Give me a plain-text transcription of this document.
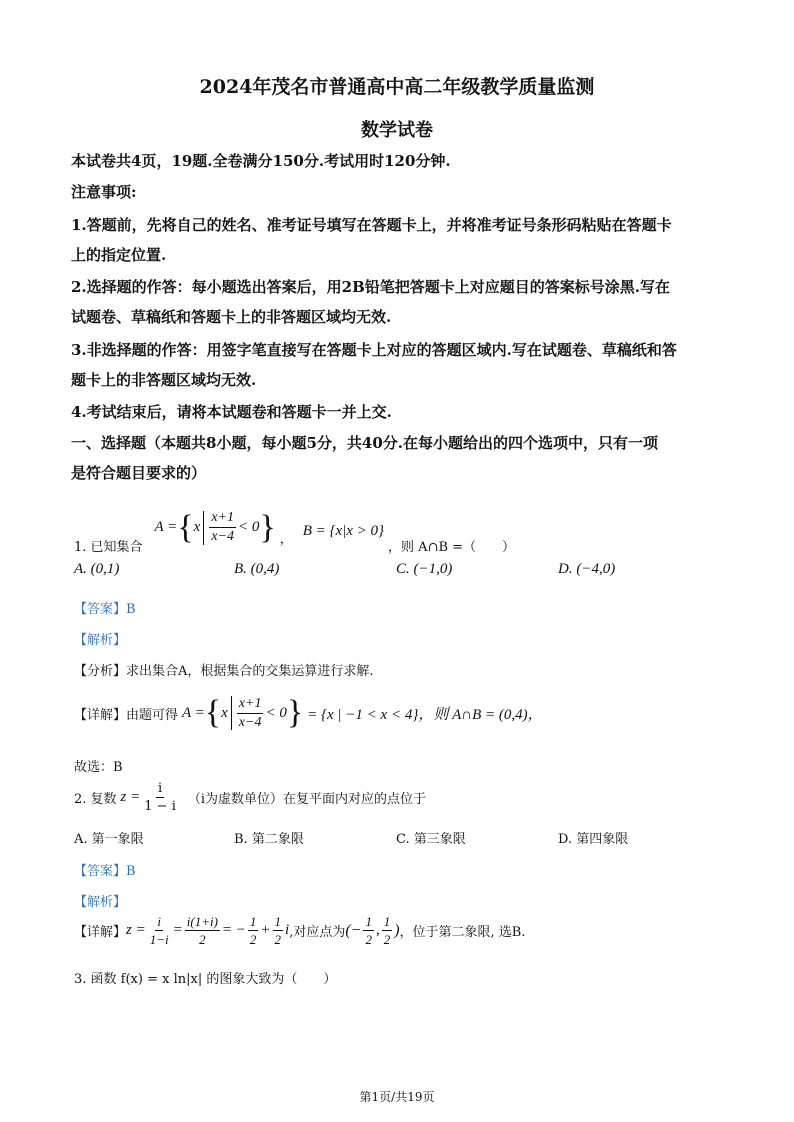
2024年茂名市普通高中高二年级教学质量监测
数学试卷
本试卷共4页，19题.全卷满分150分.考试用时120分钟.
注意事项:
1.答题前，先将自己的姓名、准考证号填写在答题卡上，并将准考证号条形码粘贴在答题卡
上的指定位置.
2.选择题的作答：每小题选出答案后，用2B铅笔把答题卡上对应题目的答案标号涂黑.写在
试题卷、草稿纸和答题卡上的非答题区域均无效.
3.非选择题的作答：用签字笔直接写在答题卡上对应的答题区域内.写在试题卷、草稿纸和答
题卡上的非答题区域均无效.
4.考试结束后，请将本试题卷和答题卡一并上交.
一、选择题（本题共8小题，每小题5分，共40分.在每小题给出的四个选项中，只有一项
是符合题目要求的）
1. 已知集合
A = { x $\frac{x+1}{x-4} < 0$ } ，
B = {x|x > 0}
，则 A∩B =（　　）
A. (0,1)	B. (0,4)	C. (−1,0)	D. (−4,0)
【答案】B
【解析】
【分析】求出集合A，根据集合的交集运算进行求解.
【详解】由题可得 A = { x $\frac{x+1}{x-4} < 0$ } = {x | −1 < x < 4}，则 A∩B = (0,4)，
故选：B
2. 复数 $z = \frac{i}{1 - i} (i$为虚数单位）在复平面内对应的点位于
A. 第一象限	B. 第二象限	C. 第三象限	D. 第四象限
【答案】B
【解析】
【详解】 $z = \frac{i}{1-i} = \frac{i(1+i)}{2}$ = − $\frac{1}{2} + \frac{1}{2}$ i ,对应点为 (− $\frac{1}{2}$ , $\frac{1}{2}$ ) ，位于第二象限, 选B.
3. 函数 f(x) = x ln|x| 的图象大致为（　　）
第1页/共19页
